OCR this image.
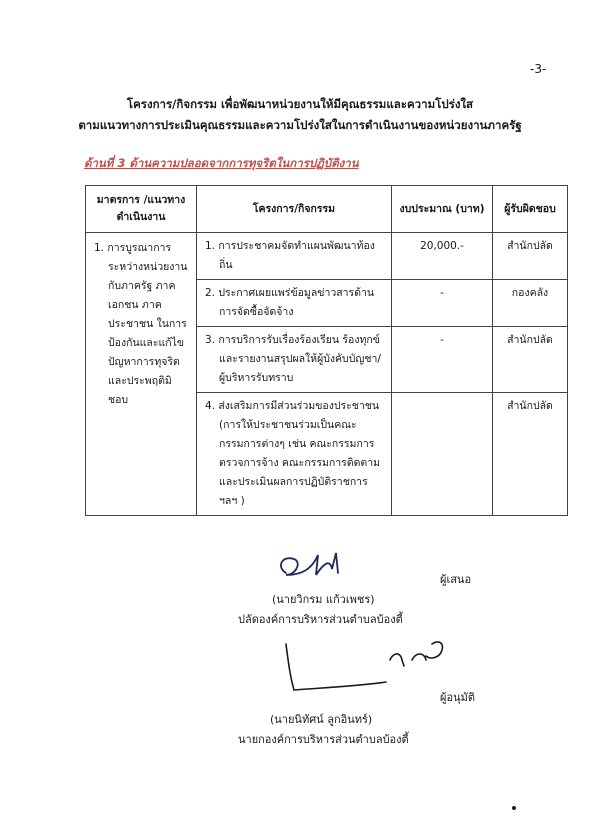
-3-
โครงการ/กิจกรรม เพื่อพัฒนาหน่วยงานให้มีคุณธรรมและความโปร่งใส
ตามแนวทางการประเมินคุณธรรมและความโปร่งใสในการดำเนินงานของหน่วยงานภาครัฐ
ด้านที่ 3 ด้านความปลอดจากการทุจริตในการปฏิบัติงาน
มาตรการ /แนวทางดำเนินงาน	โครงการ/กิจกรรม	งบประมาณ (บาท)	ผู้รับผิดชอบ

1. การบูรณาการระหว่างหน่วยงานกับภาครัฐ ภาคเอกชน ภาคประชาชน ในการป้องกันและแก้ไขปัญหาการทุจริตและประพฤติมิชอบ	1. การประชาคมจัดทำแผนพัฒนาท้องถิ่น	20,000.-	สำนักปลัด

	2. ประกาศเผยแพร่ข้อมูลข่าวสารด้านการจัดซื้อจัดจ้าง	-	กองคลัง

	3. การบริการรับเรื่องร้องเรียน ร้องทุกข์ และรายงานสรุปผลให้ผู้บังคับบัญชา/ผู้บริหารรับทราบ	-	สำนักปลัด

	4. ส่งเสริมการมีส่วนร่วมของประชาชน (การให้ประชาชนร่วมเป็นคณะกรรมการต่างๆ เช่น คณะกรรมการตรวจการจ้าง คณะกรรมการติดตามและประเมินผลการปฏิบัติราชการ ฯลฯ )		สำนักปลัด
ผู้เสนอ
(นายวิกรม แก้วเพชร)
ปลัดองค์การบริหารส่วนตำบลบ้องตี้
ผู้อนุมัติ
(นายนิทัศน์ ลูกอินทร์)
นายกองค์การบริหารส่วนตำบลบ้องตี้
